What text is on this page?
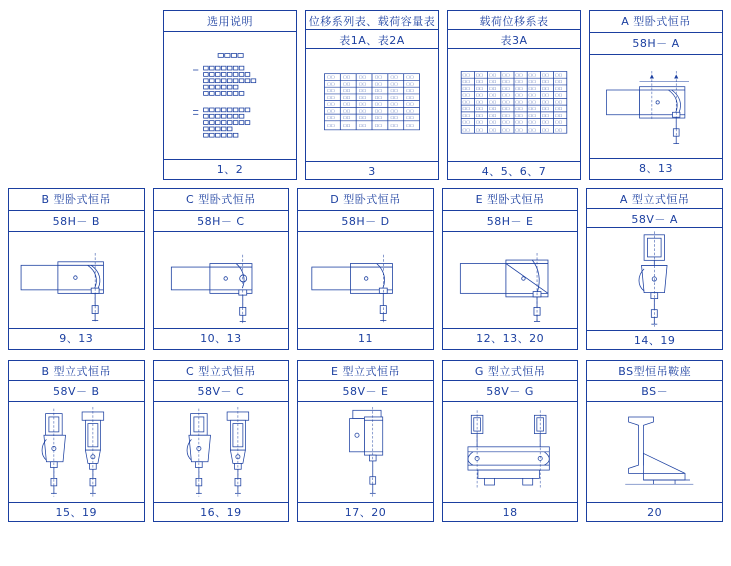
选用说明
1、2
位移系列表、载荷容量表
表1A、表2A
□□	□□	□□	□□	□□	□□
□□	□□	□□	□□	□□	□□
□□	□□	□□	□□	□□	□□
□□	□□	□□	□□	□□	□□
□□	□□	□□	□□	□□	□□
□□	□□	□□	□□	□□	□□
□□	□□	□□	□□	□□	□□
□□	□□	□□	□□	□□	□□
3
载荷位移系表
表3A
□□ □□ □□ □□ □□ □□ □□ □□
□□ □□ □□ □□ □□ □□ □□ □□
□□ □□ □□ □□ □□ □□ □□ □□
□□ □□ □□ □□ □□ □□ □□ □□
□□ □□ □□ □□ □□ □□ □□ □□
□□ □□ □□ □□ □□ □□ □□ □□
□□ □□ □□ □□ □□ □□ □□ □□
□□ □□ □□ □□ □□ □□ □□ □□
□□ □□ □□ □□ □□ □□ □□ □□
4、5、6、7
A 型卧式恒吊
58H－ A
8、13
B 型卧式恒吊
58H－ B
9、13
C 型卧式恒吊
58H－ C
10、13
D 型卧式恒吊
58H－ D
11
E 型卧式恒吊
58H－ E
12、13、20
A 型立式恒吊
58V－ A
14、19
B 型立式恒吊
58V－ B
15、19
C 型立式恒吊
58V－ C
16、19
E 型立式恒吊
58V－ E
17、20
G 型立式恒吊
58V－ G
18
BS型恒吊鞍座
BS－
20
